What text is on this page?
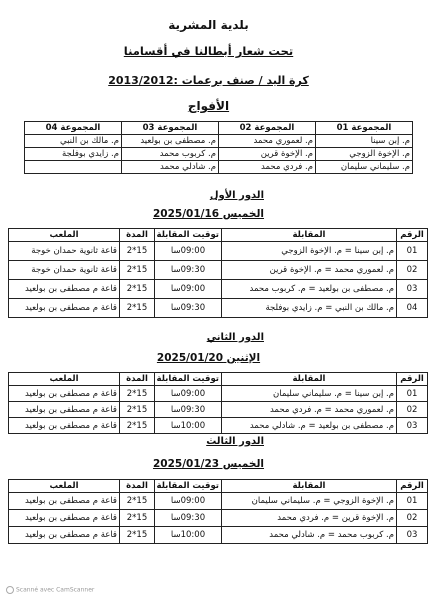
بلدية المشرية
تحت شعار أبطالنا في أقسامنا
كرة اليد / صنف برعمات :2013/2012
الأفواج
المجموعة 01	المجموعة 02	المجموعة 03	المجموعة 04
م. إبن سينا	م. لعموري محمد	م. مصطفى بن بولعيد	م. مالك بن النبي
م. الإخوة الزوجي	م. الإخوة قرين	م. كربوب محمد	م. زايدي بوفلجة
م. سليماني سليمان	م. فردي محمد	م. شادلي محمد	
الدور الأول
الخميس 2025/01/16
الرقم	المقابلة	توقيت المقابلة	المدة	الملعب
01	م. إبن سينا = م. الإخوة الزوجي	09:00سا	2*15	قاعة ثانوية حمدان خوجة
02	م. لعموري محمد = م. الإخوة قرين	09:30سا	2*15	قاعة ثانوية حمدان خوجة
03	م. مصطفى بن بولعيد = م. كربوب محمد	09:00سا	2*15	قاعة م مصطفى بن بولعيد
04	م. مالك بن النبي = م. زايدي بوفلجة	09:30سا	2*15	قاعة م مصطفى بن بولعيد
الدور الثاني
الإثنين 2025/01/20
الرقم	المقابلة	توقيت المقابلة	المدة	الملعب
01	م. إبن سينا = م. سليماني سليمان	09:00سا	2*15	قاعة م مصطفى بن بولعيد
02	م. لعموري محمد = م. فردي محمد	09:30سا	2*15	قاعة م مصطفى بن بولعيد
03	م. مصطفى بن بولعيد = م. شادلي محمد	10:00سا	2*15	قاعة م مصطفى بن بولعيد
الدور الثالث
الخميس 2025/01/23
الرقم	المقابلة	توقيت المقابلة	المدة	الملعب
01	م. الإخوة الزوجي = م. سليماني سليمان	09:00سا	2*15	قاعة م مصطفى بن بولعيد
02	م. الإخوة قرين = م. فردي محمد	09:30سا	2*15	قاعة م مصطفى بن بولعيد
03	م. كربوب محمد = م. شادلي محمد	10:00سا	2*15	قاعة م مصطفى بن بولعيد
Scanné avec CamScanner
